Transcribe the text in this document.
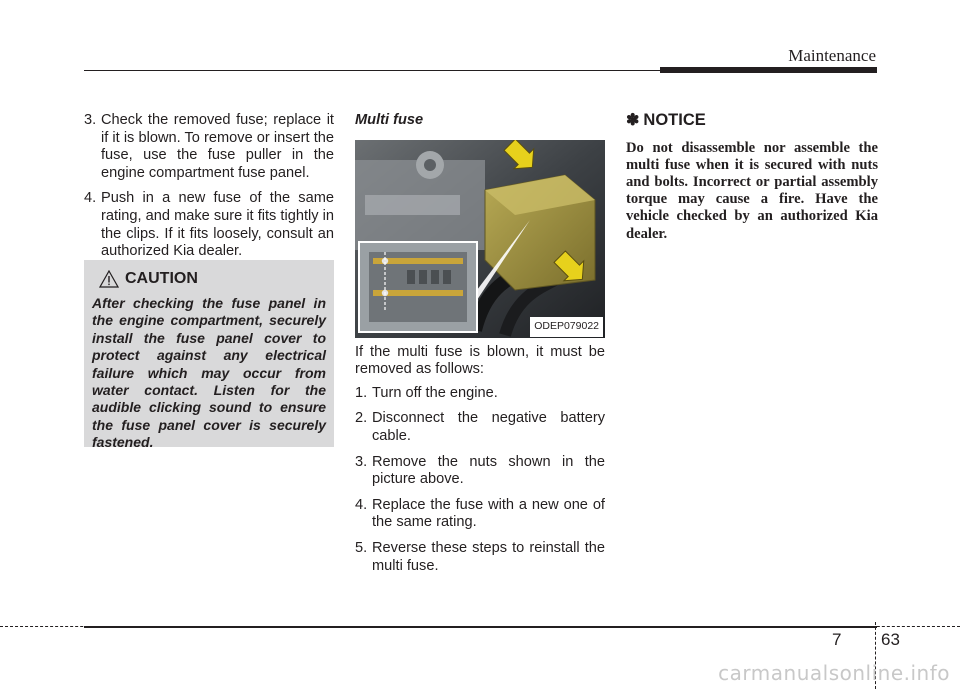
Maintenance
3. Check the removed fuse; replace it if it is blown. To remove or insert the fuse, use the fuse puller in the engine compartment fuse panel.
4. Push in a new fuse of the same rating, and make sure it fits tightly in the clips. If it fits loosely, consult an authorized Kia dealer.
CAUTION
After checking the fuse panel in the engine compartment, securely install the fuse panel cover to protect against any electrical failure which may occur from water contact. Listen for the audible clicking sound to ensure the fuse panel cover is securely fastened.
Multi fuse
ODEP079022
If the multi fuse is blown, it must be removed as follows:
1. Turn off the engine.
2. Disconnect the negative battery cable.
3. Remove the nuts shown in the picture above.
4. Replace the fuse with a new one of the same rating.
5. Reverse these steps to reinstall the multi fuse.
✽ NOTICE
Do not disassemble nor assemble the multi fuse when it is secured with nuts and bolts. Incorrect or partial assembly torque may cause a fire. Have the vehicle checked by an authorized Kia dealer.
7 63
carmanualsonline.info
